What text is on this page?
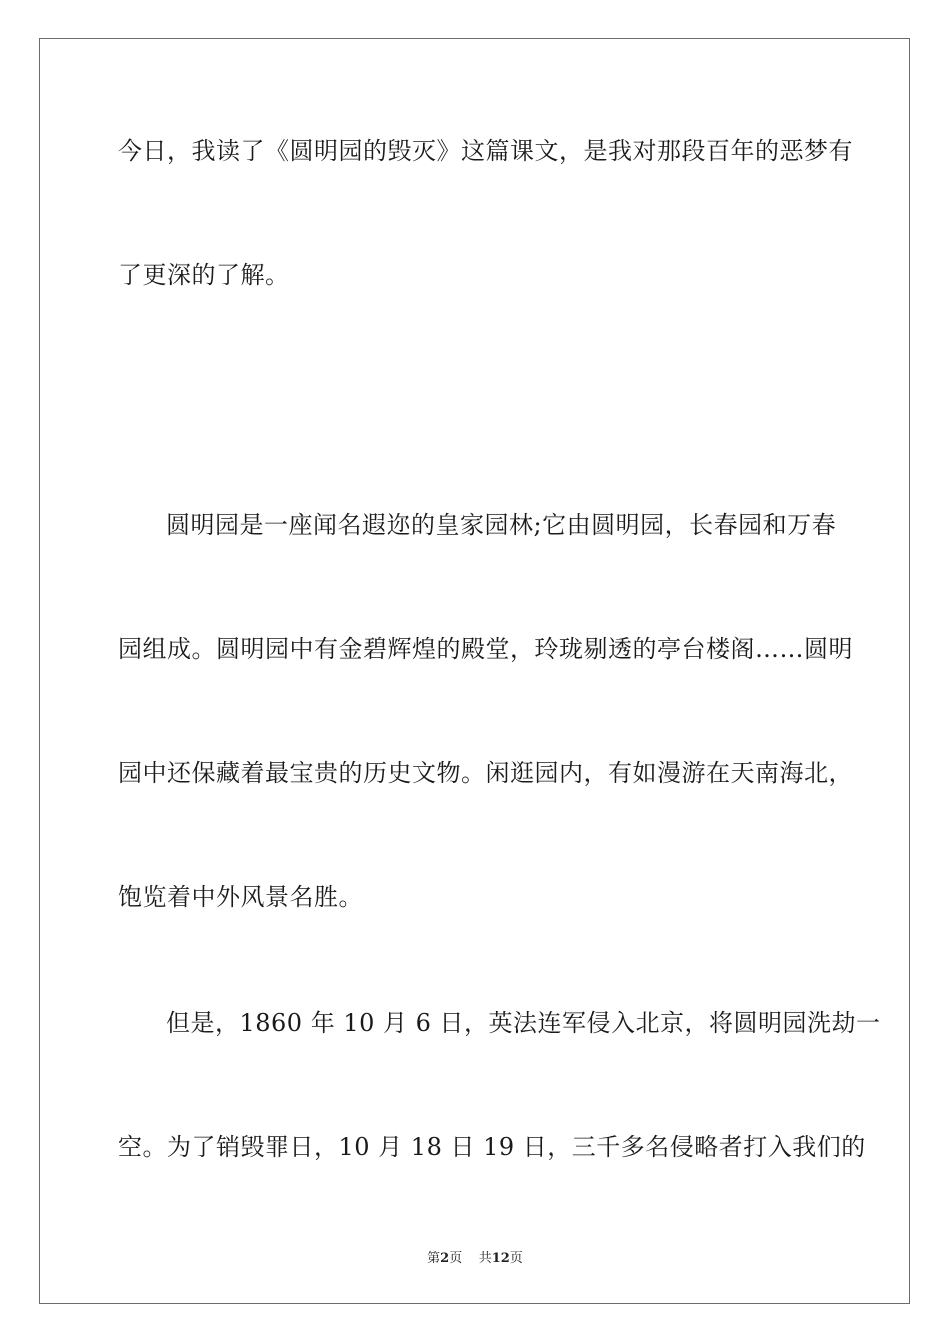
今日，我读了《圆明园的毁灭》这篇课文，是我对那段百年的恶梦有
了更深的了解。
圆明园是一座闻名遐迩的皇家园林;它由圆明园，长春园和万春
园组成。圆明园中有金碧辉煌的殿堂，玲珑剔透的亭台楼阁……圆明
园中还保藏着最宝贵的历史文物。闲逛园内，有如漫游在天南海北，
饱览着中外风景名胜。
但是，1860 年 10 月 6 日，英法连军侵入北京，将圆明园洗劫一
空。为了销毁罪日，10 月 18 日 19 日，三千多名侵略者打入我们的
第2页 共12页
